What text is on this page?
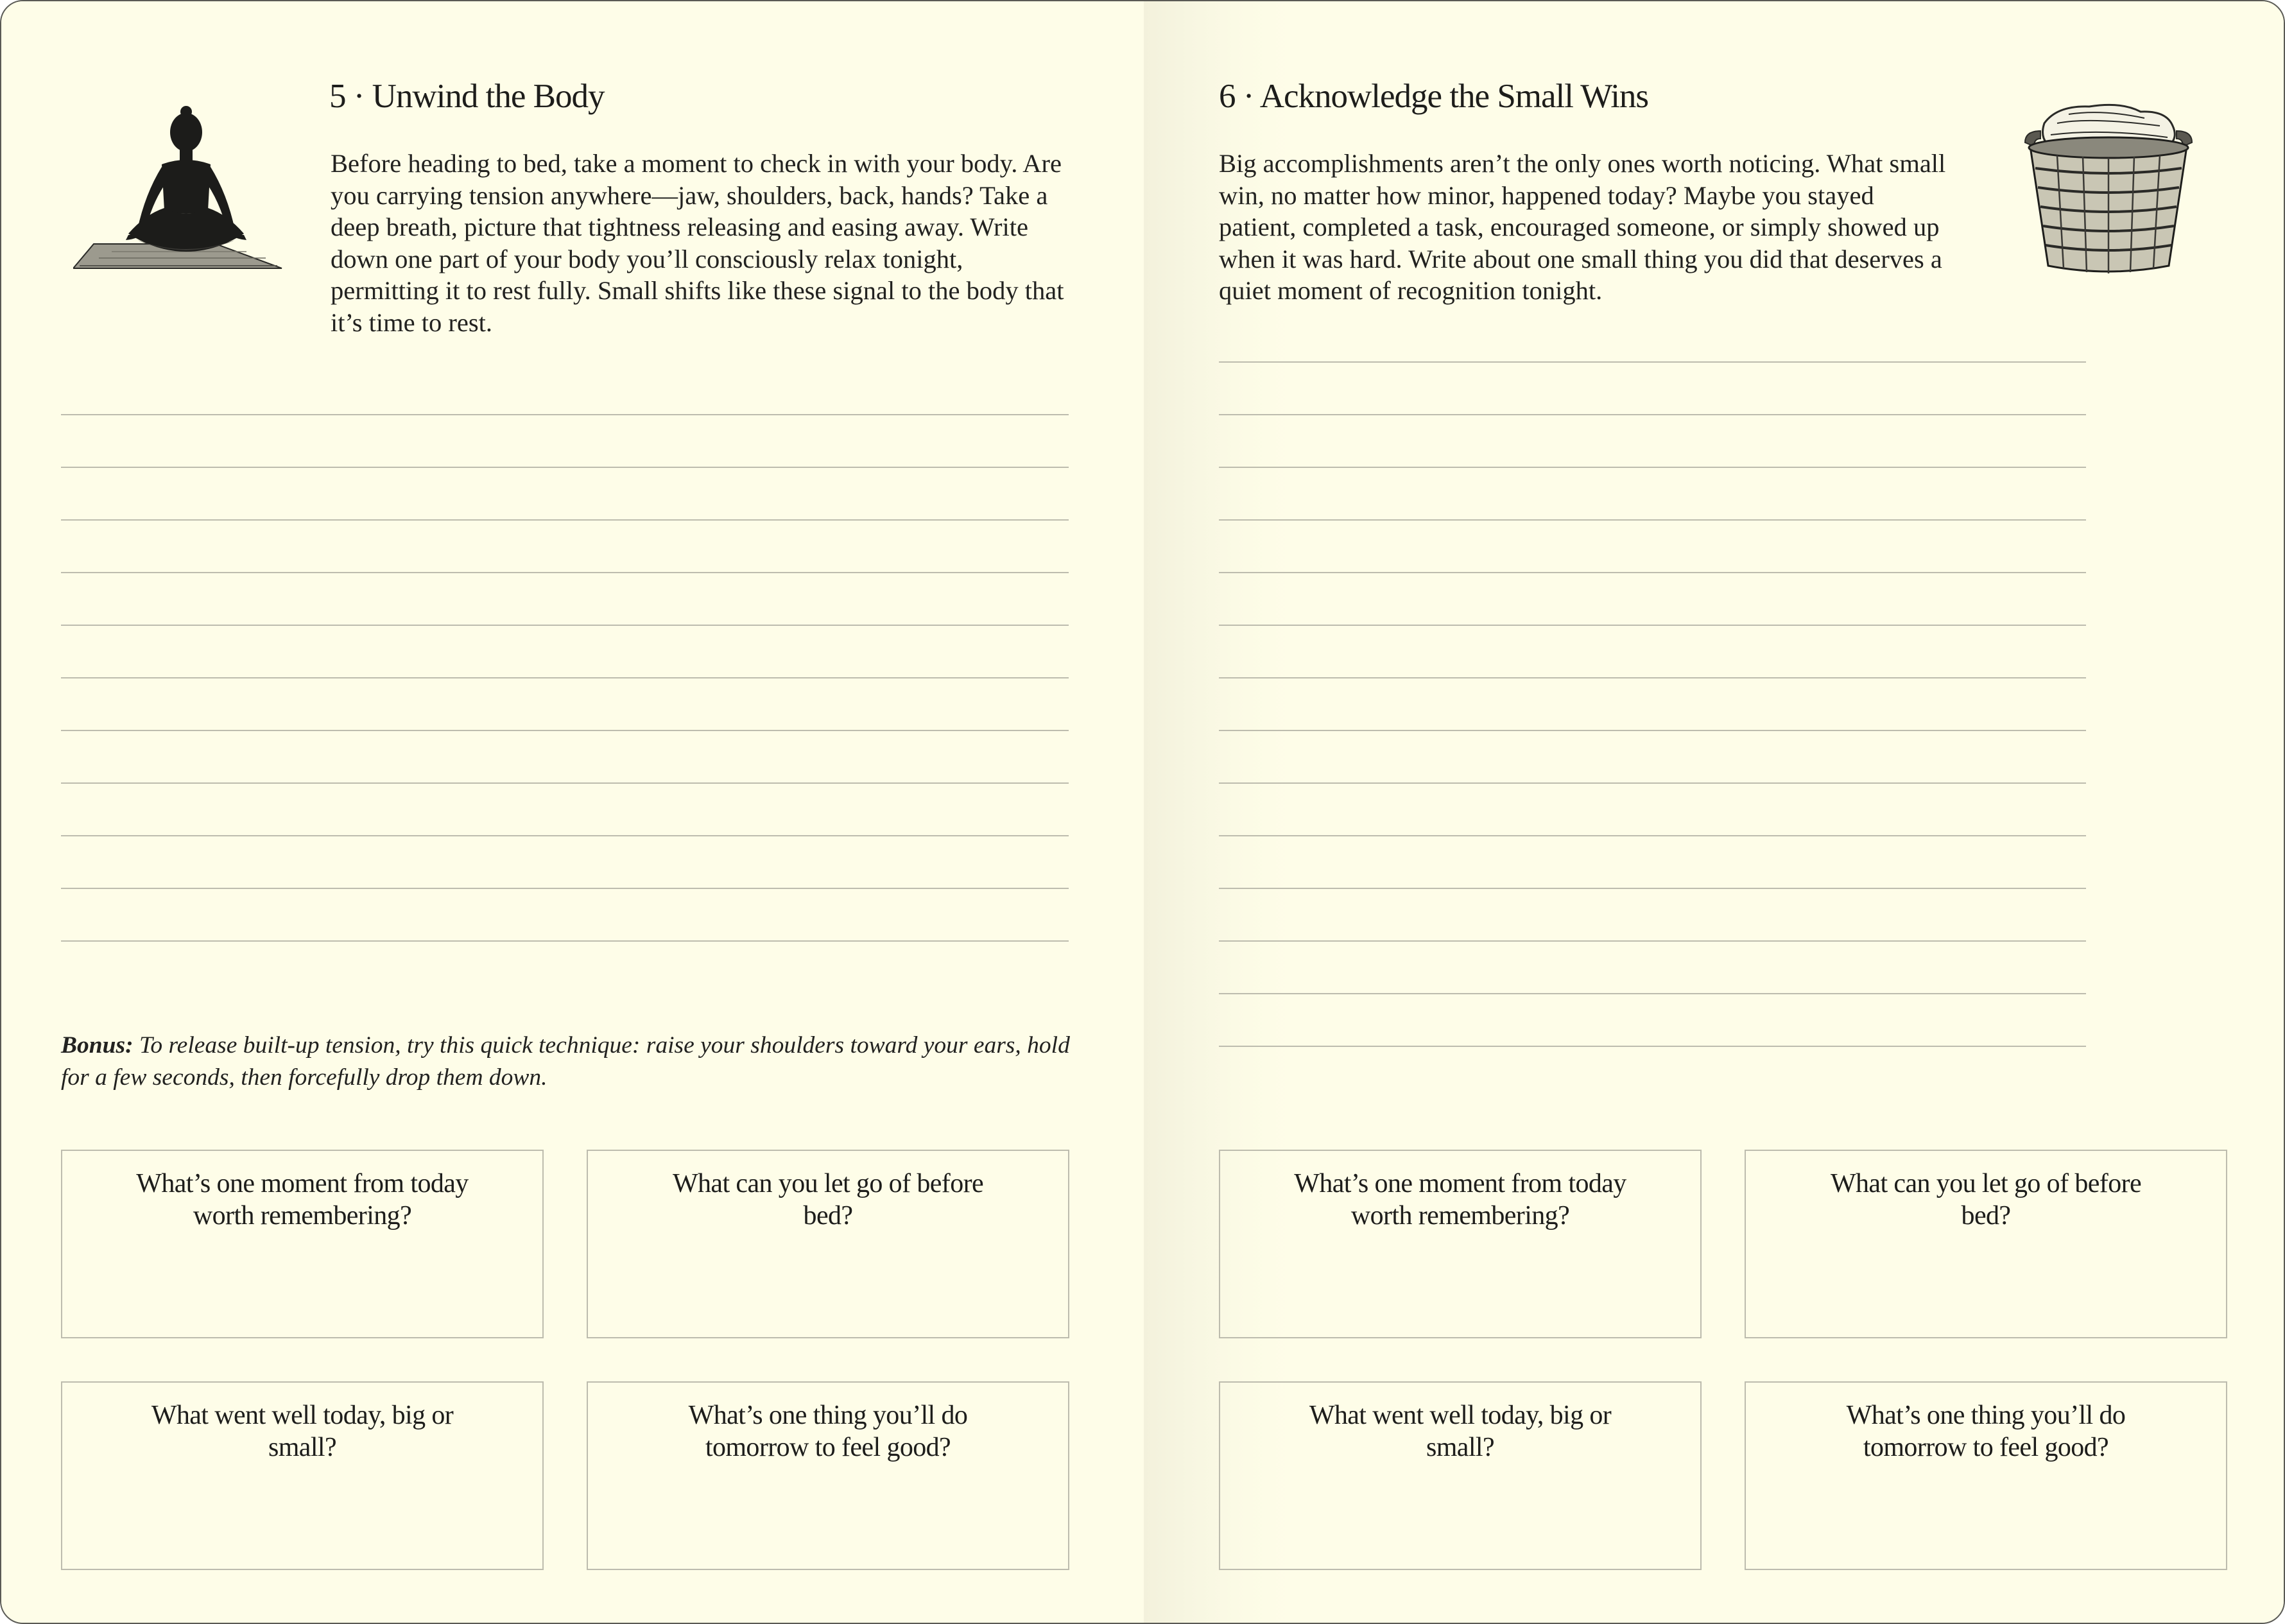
5 · Unwind the Body

Before heading to bed, take a moment to check in with your body. Are you carrying tension anywhere—jaw, shoulders, back, hands? Take a deep breath, picture that tightness releasing and easing away. Write down one part of your body you’ll consciously relax tonight, permitting it to rest fully. Small shifts like these signal to the body that it’s time to rest.

Bonus: To release built-up tension, try this quick technique: raise your shoulders toward your ears, hold for a few seconds, then forcefully drop them down.

What’s one moment from today worth remembering?
What can you let go of before bed?
What went well today, big or small?
What’s one thing you’ll do tomorrow to feel good?
6 · Acknowledge the Small Wins

Big accomplishments aren’t the only ones worth noticing. What small win, no matter how minor, happened today? Maybe you stayed patient, completed a task, encouraged someone, or simply showed up when it was hard. Write about one small thing you did that deserves a quiet moment of recognition tonight.

What’s one moment from today worth remembering?
What can you let go of before bed?
What went well today, big or small?
What’s one thing you’ll do tomorrow to feel good?
